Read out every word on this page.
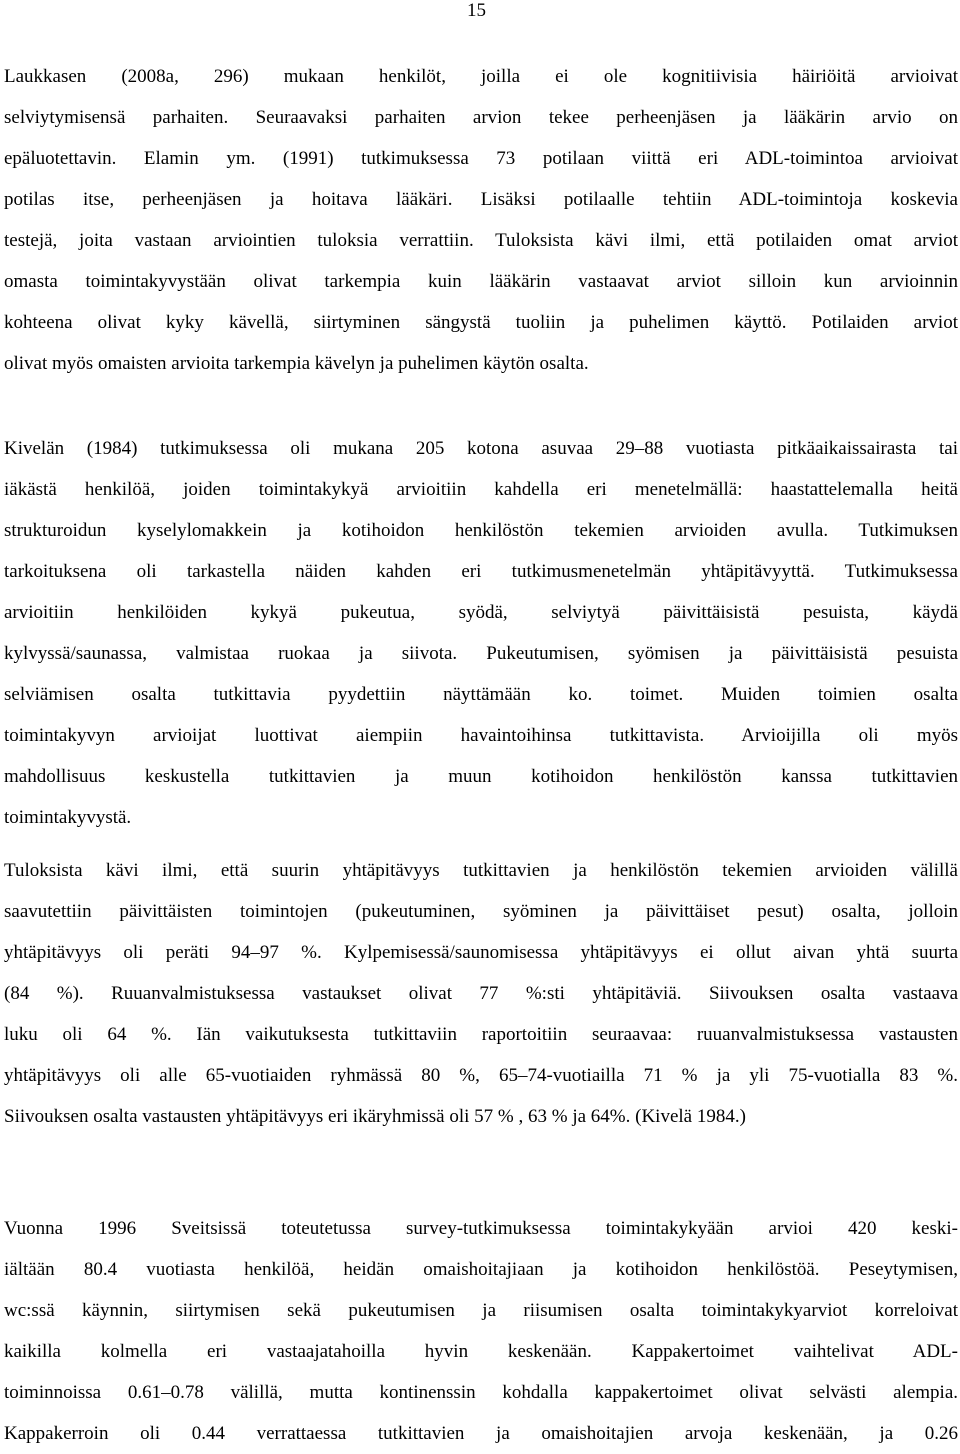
15
Laukkasen (2008a, 296) mukaan henkilöt, joilla ei ole kognitiivisia häiriöitä arvioivat
selviytymisensä parhaiten. Seuraavaksi parhaiten arvion tekee perheenjäsen ja lääkärin arvio on
epäluotettavin. Elamin ym. (1991) tutkimuksessa 73 potilaan viittä eri ADL-toimintoa arvioivat
potilas itse, perheenjäsen ja hoitava lääkäri. Lisäksi potilaalle tehtiin ADL-toimintoja koskevia
testejä, joita vastaan arviointien tuloksia verrattiin. Tuloksista kävi ilmi, että potilaiden omat arviot
omasta toimintakyvystään olivat tarkempia kuin lääkärin vastaavat arviot silloin kun arvioinnin
kohteena olivat kyky kävellä, siirtyminen sängystä tuoliin ja puhelimen käyttö. Potilaiden arviot
olivat myös omaisten arvioita tarkempia kävelyn ja puhelimen käytön osalta.
Kivelän (1984) tutkimuksessa oli mukana 205 kotona asuvaa 29–88 vuotiasta pitkäaikaissairasta tai
iäkästä henkilöä, joiden toimintakykyä arvioitiin kahdella eri menetelmällä: haastattelemalla heitä
strukturoidun kyselylomakkein ja kotihoidon henkilöstön tekemien arvioiden avulla. Tutkimuksen
tarkoituksena oli tarkastella näiden kahden eri tutkimusmenetelmän yhtäpitävyyttä. Tutkimuksessa
arvioitiin henkilöiden kykyä pukeutua, syödä, selviytyä päivittäisistä pesuista, käydä
kylvyssä/saunassa, valmistaa ruokaa ja siivota. Pukeutumisen, syömisen ja päivittäisistä pesuista
selviämisen osalta tutkittavia pyydettiin näyttämään ko. toimet. Muiden toimien osalta
toimintakyvyn arvioijat luottivat aiempiin havaintoihinsa tutkittavista. Arvioijilla oli myös
mahdollisuus keskustella tutkittavien ja muun kotihoidon henkilöstön kanssa tutkittavien
toimintakyvystä.
Tuloksista kävi ilmi, että suurin yhtäpitävyys tutkittavien ja henkilöstön tekemien arvioiden välillä
saavutettiin päivittäisten toimintojen (pukeutuminen, syöminen ja päivittäiset pesut) osalta, jolloin
yhtäpitävyys oli peräti 94–97 %. Kylpemisessä/saunomisessa yhtäpitävyys ei ollut aivan yhtä suurta
(84 %). Ruuanvalmistuksessa vastaukset olivat 77 %:sti yhtäpitäviä. Siivouksen osalta vastaava
luku oli 64 %. Iän vaikutuksesta tutkittaviin raportoitiin seuraavaa: ruuanvalmistuksessa vastausten
yhtäpitävyys oli alle 65-vuotiaiden ryhmässä 80 %, 65–74-vuotiailla 71 % ja yli 75-vuotialla 83 %.
Siivouksen osalta vastausten yhtäpitävyys eri ikäryhmissä oli 57 % , 63 % ja 64%. (Kivelä 1984.)
Vuonna 1996 Sveitsissä toteutetussa survey-tutkimuksessa toimintakykyään arvioi 420 keski-
iältään 80.4 vuotiasta henkilöä, heidän omaishoitajiaan ja kotihoidon henkilöstöä. Peseytymisen,
wc:ssä käynnin, siirtymisen sekä pukeutumisen ja riisumisen osalta toimintakykyarviot korreloivat
kaikilla kolmella eri vastaajatahoilla hyvin keskenään. Kappakertoimet vaihtelivat ADL-
toiminnoissa 0.61–0.78 välillä, mutta kontinenssin kohdalla kappakertoimet olivat selvästi alempia.
Kappakerroin oli 0.44 verrattaessa tutkittavien ja omaishoitajien arvoja keskenään, ja 0.26
